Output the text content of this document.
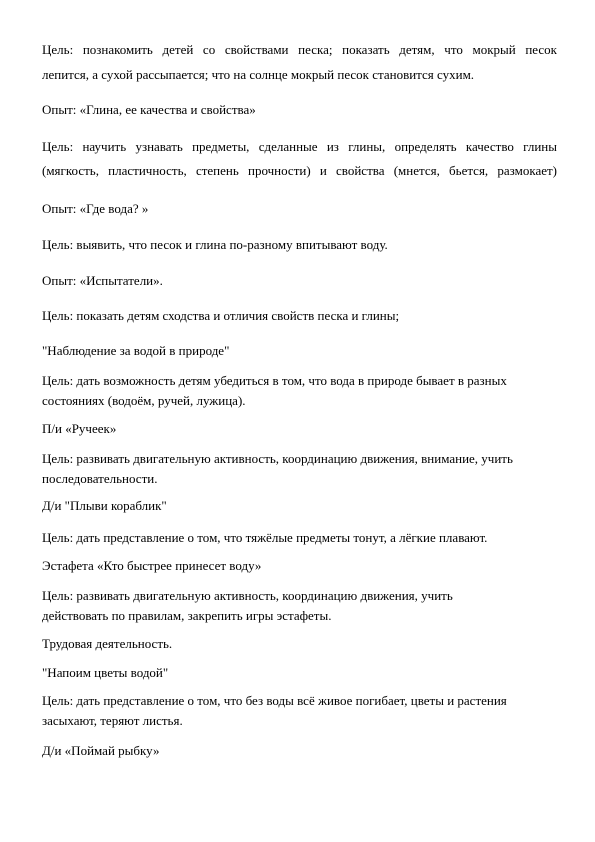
Цель: познакомить детей со свойствами песка; показать детям, что мокрый песок
лепится, а сухой рассыпается; что на солнце мокрый песок становится сухим.
Опыт: «Глина, ее качества и свойства»
Цель: научить узнавать предметы, сделанные из глины, определять качество глины
(мягкость, пластичность, степень прочности) и свойства (мнется, бьется, размокает)
Опыт: «Где вода? »
Цель: выявить, что песок и глина по-разному впитывают воду.
Опыт: «Испытатели».
Цель: показать детям сходства и отличия свойств песка и глины;
"Наблюдение за водой в природе"
Цель: дать возможность детям убедиться в том, что вода в природе бывает в разных
состояниях (водоём, ручей, лужица).
П/и «Ручеек»
Цель: развивать двигательную активность, координацию движения, внимание, учить
последовательности.
Д/и "Плыви кораблик"
Цель: дать представление о том, что тяжёлые предметы тонут, а лёгкие плавают.
Эстафета «Кто быстрее принесет воду»
Цель: развивать двигательную активность, координацию движения, учить
действовать по правилам, закрепить игры эстафеты.
Трудовая деятельность.
"Напоим цветы водой"
Цель: дать представление о том, что без воды всё живое погибает, цветы и растения
засыхают, теряют листья.
Д/и «Поймай рыбку»
